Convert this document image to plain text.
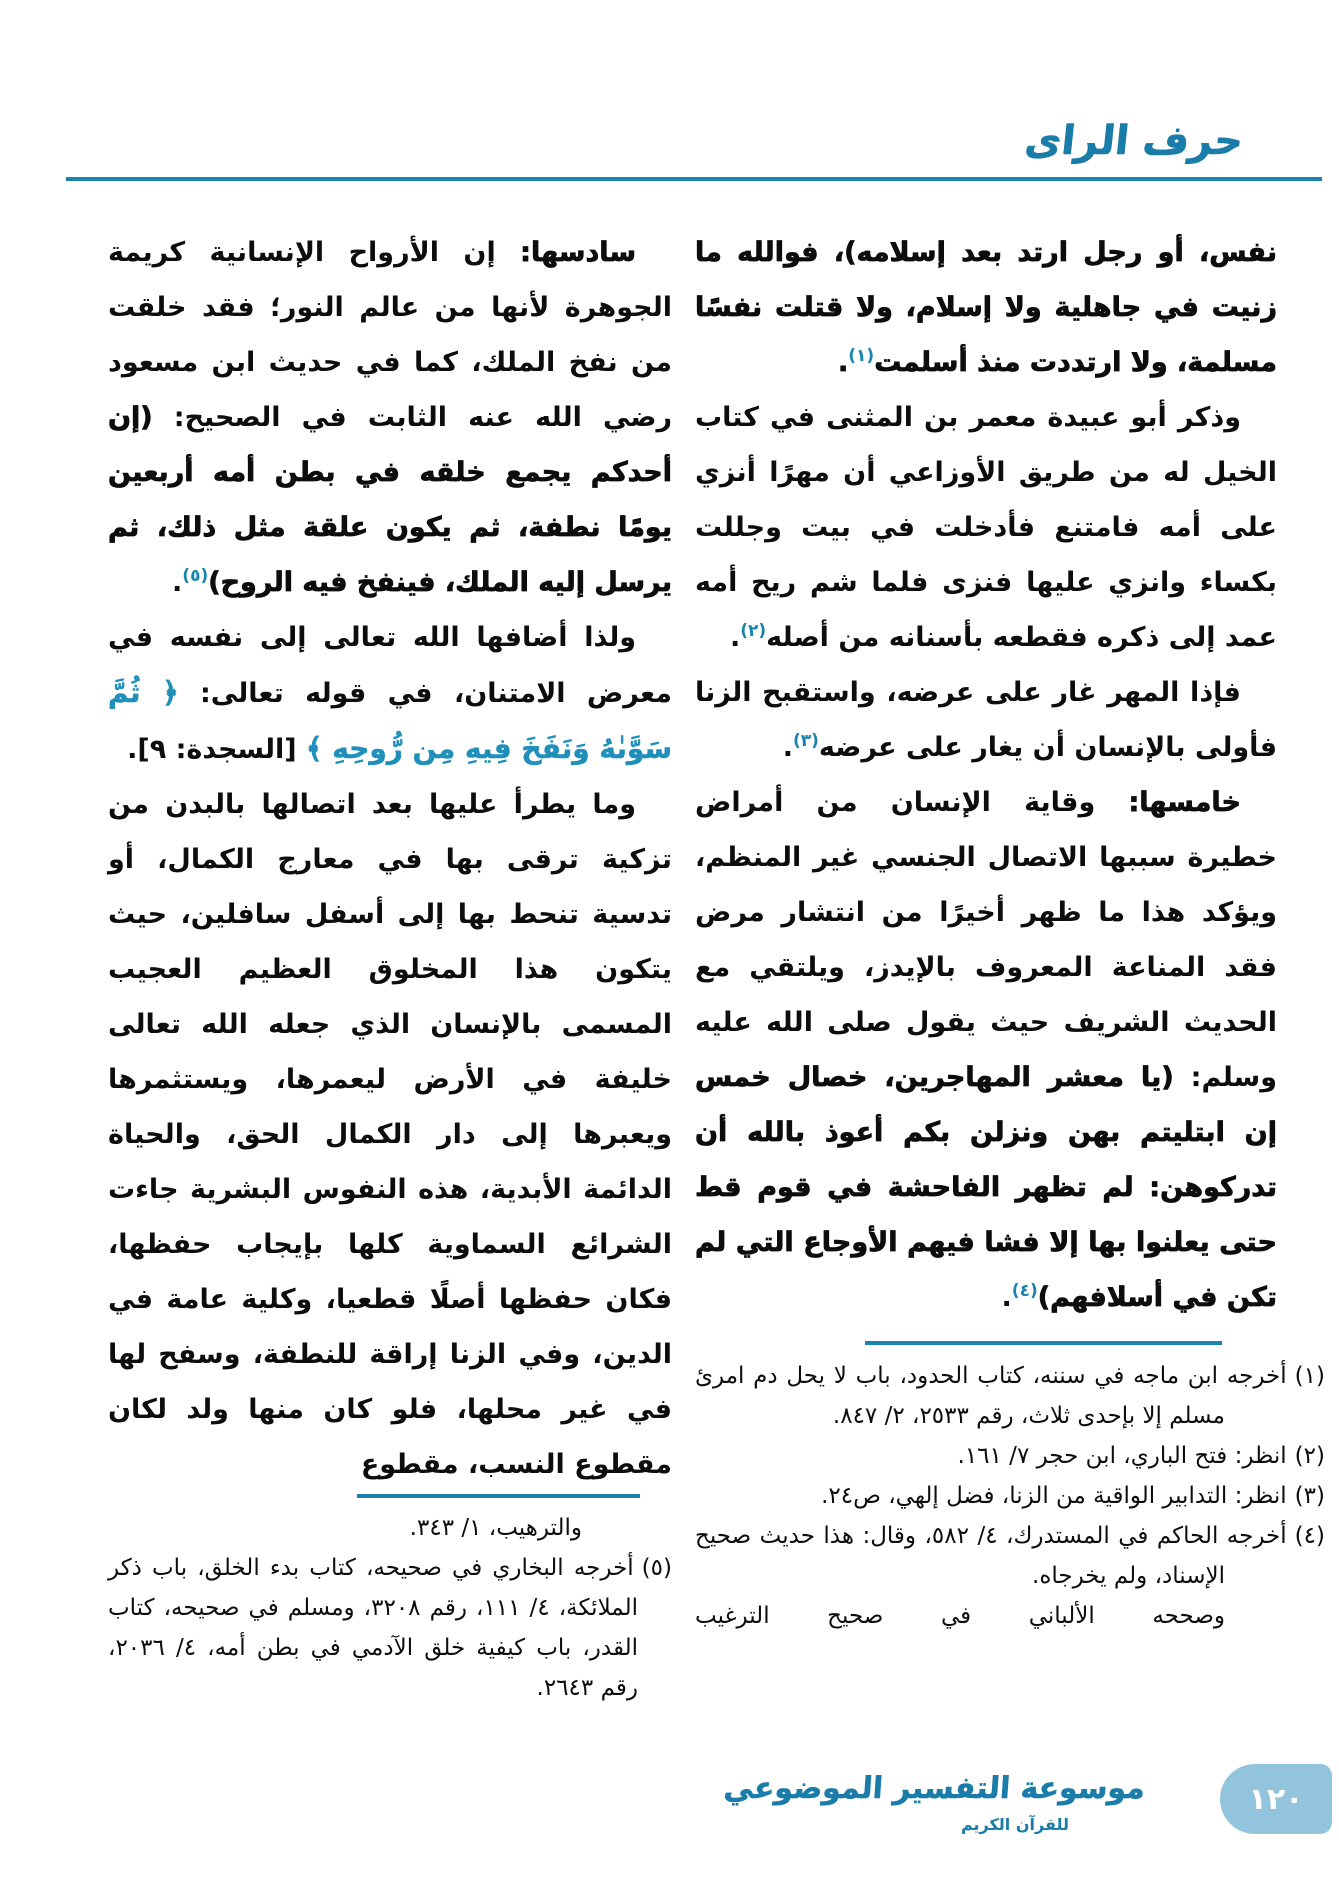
حرف الراى

نفس، أو رجل ارتد بعد إسلامه)، فوالله ما زنيت في جاهلية ولا إسلام، ولا قتلت نفسًا مسلمة، ولا ارتددت منذ أسلمت$^{(١)}$.

وذكر أبو عبيدة معمر بن المثنى في كتاب الخيل له من طريق الأوزاعي أن مهرًا أنزي على أمه فامتنع فأدخلت في بيت وجللت بكساء وانزي عليها فنزى فلما شم ريح أمه عمد إلى ذكره فقطعه بأسنانه من أصله$^{(٢)}$.

فإذا المهر غار على عرضه، واستقبح الزنا فأولى بالإنسان أن يغار على عرضه$^{(٣)}$.

خامسها: وقاية الإنسان من أمراض خطيرة سببها الاتصال الجنسي غير المنظم، ويؤكد هذا ما ظهر أخيرًا من انتشار مرض فقد المناعة المعروف بالإيدز، ويلتقي مع الحديث الشريف حيث يقول صلى الله عليه وسلم: (يا معشر المهاجرين، خصال خمس إن ابتليتم بهن ونزلن بكم أعوذ بالله أن تدركوهن: لم تظهر الفاحشة في قوم قط حتى يعلنوا بها إلا فشا فيهم الأوجاع التي لم تكن في أسلافهم)$^{(٤)}$.

سادسها: إن الأرواح الإنسانية كريمة الجوهرة لأنها من عالم النور؛ فقد خلقت من نفخ الملك، كما في حديث ابن مسعود رضي الله عنه الثابت في الصحيح: (إن أحدكم يجمع خلقه في بطن أمه أربعين يومًا نطفة، ثم يكون علقة مثل ذلك، ثم يرسل إليه الملك، فينفخ فيه الروح)$^{(٥)}$.

ولذا أضافها الله تعالى إلى نفسه في معرض الامتنان، في قوله تعالى: ﴿ ثُمَّ سَوَّىٰهُ وَنَفَخَ فِيهِ مِن رُّوحِهِ ﴾ [السجدة: ٩].

وما يطرأ عليها بعد اتصالها بالبدن من تزكية ترقى بها في معارج الكمال، أو تدسية تنحط بها إلى أسفل سافلين، حيث يتكون هذا المخلوق العظيم العجيب المسمى بالإنسان الذي جعله الله تعالى خليفة في الأرض ليعمرها، ويستثمرها ويعبرها إلى دار الكمال الحق، والحياة الدائمة الأبدية، هذه النفوس البشرية جاءت الشرائع السماوية كلها بإيجاب حفظها، فكان حفظها أصلًا قطعيا، وكلية عامة في الدين، وفي الزنا إراقة للنطفة، وسفح لها في غير محلها، فلو كان منها ولد لكان مقطوع النسب، مقطوع

(١)أخرجه ابن ماجه في سننه، كتاب الحدود، باب لا يحل دم امرئ مسلم إلا بإحدى ثلاث، رقم ٢٥٣٣، ٢/ ٨٤٧.

(٢)انظر: فتح الباري، ابن حجر ٧/ ١٦١.

(٣)انظر: التدابير الواقية من الزنا، فضل إلهي، ص٢٤.

(٤)أخرجه الحاكم في المستدرك، ٤/ ٥٨٢، وقال: هذا حديث صحيح الإسناد، ولم يخرجاه.

وصححه الألباني في صحيح الترغيب

والترهيب، ١/ ٣٤٣.

(٥)أخرجه البخاري في صحيحه، كتاب بدء الخلق، باب ذكر الملائكة، ٤/ ١١١، رقم ٣٢٠٨، ومسلم في صحيحه، كتاب القدر، باب كيفية خلق الآدمي في بطن أمه، ٤/ ٢٠٣٦، رقم ٢٦٤٣.

موسوعة التفسير الموضوعي
للقرآن الكريم
١٢٠
